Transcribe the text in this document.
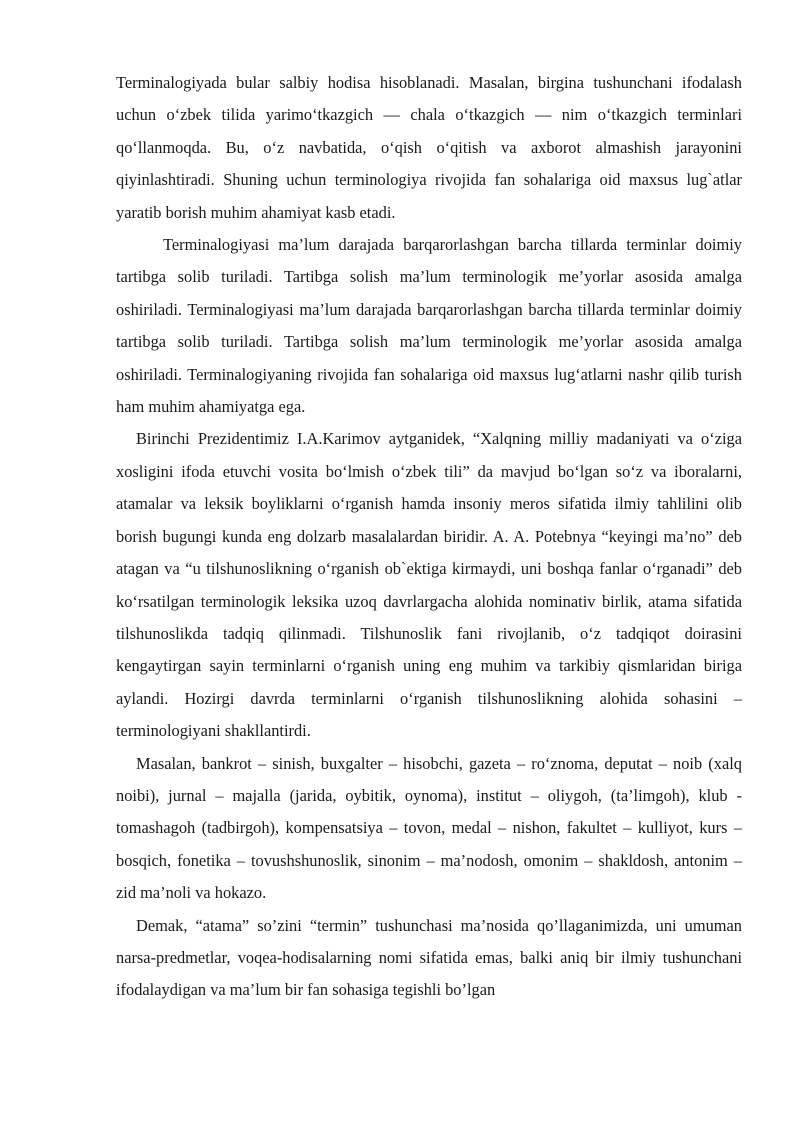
Terminalogiyada bular salbiy hodisa hisoblanadi. Masalan, birgina tushunchani ifodalash uchun o‘zbek tilida yarimo‘tkazgich — chala o‘tkazgich — nim o‘tkazgich terminlari qo‘llanmoqda. Bu, o‘z navbatida, o‘qish o‘qitish va axborot almashish jarayonini qiyinlashtiradi. Shuning uchun terminologiya rivojida fan sohalariga oid maxsus lug`atlar yaratib borish muhim ahamiyat kasb etadi.

Terminalogiyasi ma’lum darajada barqarorlashgan barcha tillarda terminlar doimiy tartibga solib turiladi. Tartibga solish ma’lum terminologik me’yorlar asosida amalga oshiriladi. Terminalogiyasi ma’lum darajada barqarorlashgan barcha tillarda terminlar doimiy tartibga solib turiladi. Tartibga solish ma’lum terminologik me’yorlar asosida amalga oshiriladi. Terminalogiyaning rivojida fan sohalariga oid maxsus lug‘atlarni nashr qilib turish ham muhim ahamiyatga ega.

Birinchi Prezidentimiz I.A.Karimov aytganidek, “Xalqning milliy madaniyati va o‘ziga xosligini ifoda etuvchi vosita bo‘lmish o‘zbek tili” da mavjud bo‘lgan so‘z va iboralarni, atamalar va leksik boyliklarni o‘rganish hamda insoniy meros sifatida ilmiy tahlilini olib borish bugungi kunda eng dolzarb masalalardan biridir. A. A. Potebnya “keyingi ma’no” deb atagan va “u tilshunoslikning o‘rganish ob`ektiga kirmaydi, uni boshqa fanlar o‘rganadi” deb ko‘rsatilgan terminologik leksika uzoq davrlargacha alohida nominativ birlik, atama sifatida tilshunoslikda tadqiq qilinmadi. Tilshunoslik fani rivojlanib, o‘z tadqiqot doirasini kengaytirgan sayin terminlarni o‘rganish uning eng muhim va tarkibiy qismlaridan biriga aylandi. Hozirgi davrda terminlarni o‘rganish tilshunoslikning alohida sohasini – terminologiyani shakllantirdi.

Masalan, bankrot – sinish, buxgalter – hisobchi, gazeta – ro‘znoma, deputat – noib (xalq noibi), jurnal – majalla (jarida, oybitik, oynoma), institut – oliygoh, (ta’limgoh), klub - tomashagoh (tadbirgoh), kompensatsiya – tovon, medal – nishon, fakultet – kulliyot, kurs – bosqich, fonetika – tovushshunoslik, sinonim – ma’nodosh, omonim – shakldosh, antonim – zid ma’noli va hokazo.

Demak, “atama” so’zini “termin” tushunchasi ma’nosida qo’llaganimizda, uni umuman narsa-predmetlar, voqea-hodisalarning nomi sifatida emas, balki aniq bir ilmiy tushunchani ifodalaydigan va ma’lum bir fan sohasiga tegishli bo’lgan
